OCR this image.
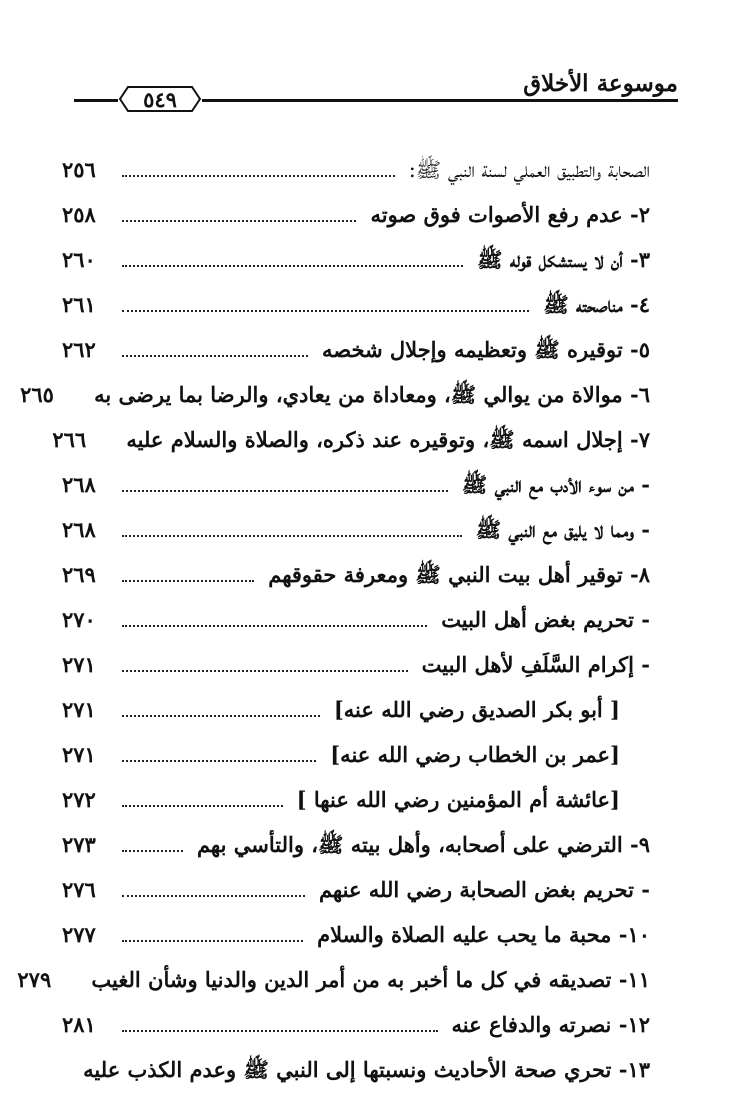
موسوعة الأخلاق
٥٤٩
الصحابة والتطبيق العملي لسنة النبي ﷺ:
٢٥٦
٢- عدم رفع الأصوات فوق صوته
٢٥٨
٣- أن لا يستشكل قوله ﷺ
٢٦٠
٤- مناصحته ﷺ
٢٦١
٥- توقيره ﷺ وتعظيمه وإجلال شخصه
٢٦٢
٦- موالاة من يوالي ﷺ، ومعاداة من يعادي، والرضا بما يرضى به
٢٦٥
٧- إجلال اسمه ﷺ، وتوقيره عند ذكره، والصلاة والسلام عليه
٢٦٦
- من سوء الأدب مع النبي ﷺ
٢٦٨
- ومما لا يليق مع النبي ﷺ
٢٦٨
٨- توقير أهل بيت النبي ﷺ ومعرفة حقوقهم
٢٦٩
- تحريم بغض أهل البيت
٢٧٠
- إكرام السَّلَفِ لأهل البيت
٢٧١
[ أبو بكر الصديق رضي الله عنه]
٢٧١
[عمر بن الخطاب رضي الله عنه]
٢٧١
[عائشة أم المؤمنين رضي الله عنها ]
٢٧٢
٩- الترضي على أصحابه، وأهل بيته ﷺ، والتأسي بهم
٢٧٣
- تحريم بغض الصحابة رضي الله عنهم
٢٧٦
١٠- محبة ما يحب عليه الصلاة والسلام
٢٧٧
١١- تصديقه في كل ما أخبر به من أمر الدين والدنيا وشأن الغيب
٢٧٩
١٢- نصرته والدفاع عنه
٢٨١
١٣- تحري صحة الأحاديث ونسبتها إلى النبي ﷺ وعدم الكذب عليه
